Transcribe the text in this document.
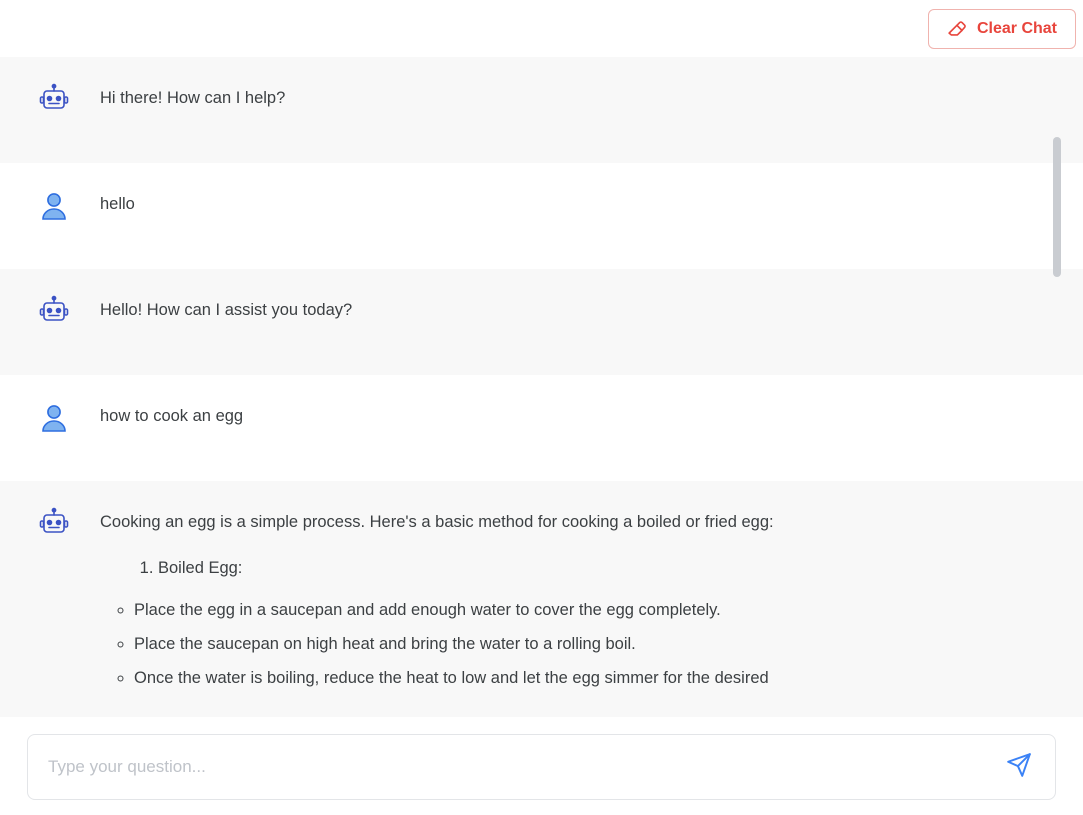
Clear Chat

Hi there! How can I help?

hello

Hello! How can I assist you today?

how to cook an egg

Cooking an egg is a simple process. Here's a basic method for cooking a boiled or fried egg:

1. Boiled Egg:
◦ Place the egg in a saucepan and add enough water to cover the egg completely.
◦ Place the saucepan on high heat and bring the water to a rolling boil.
◦ Once the water is boiling, reduce the heat to low and let the egg simmer for the desired
Type your question...
